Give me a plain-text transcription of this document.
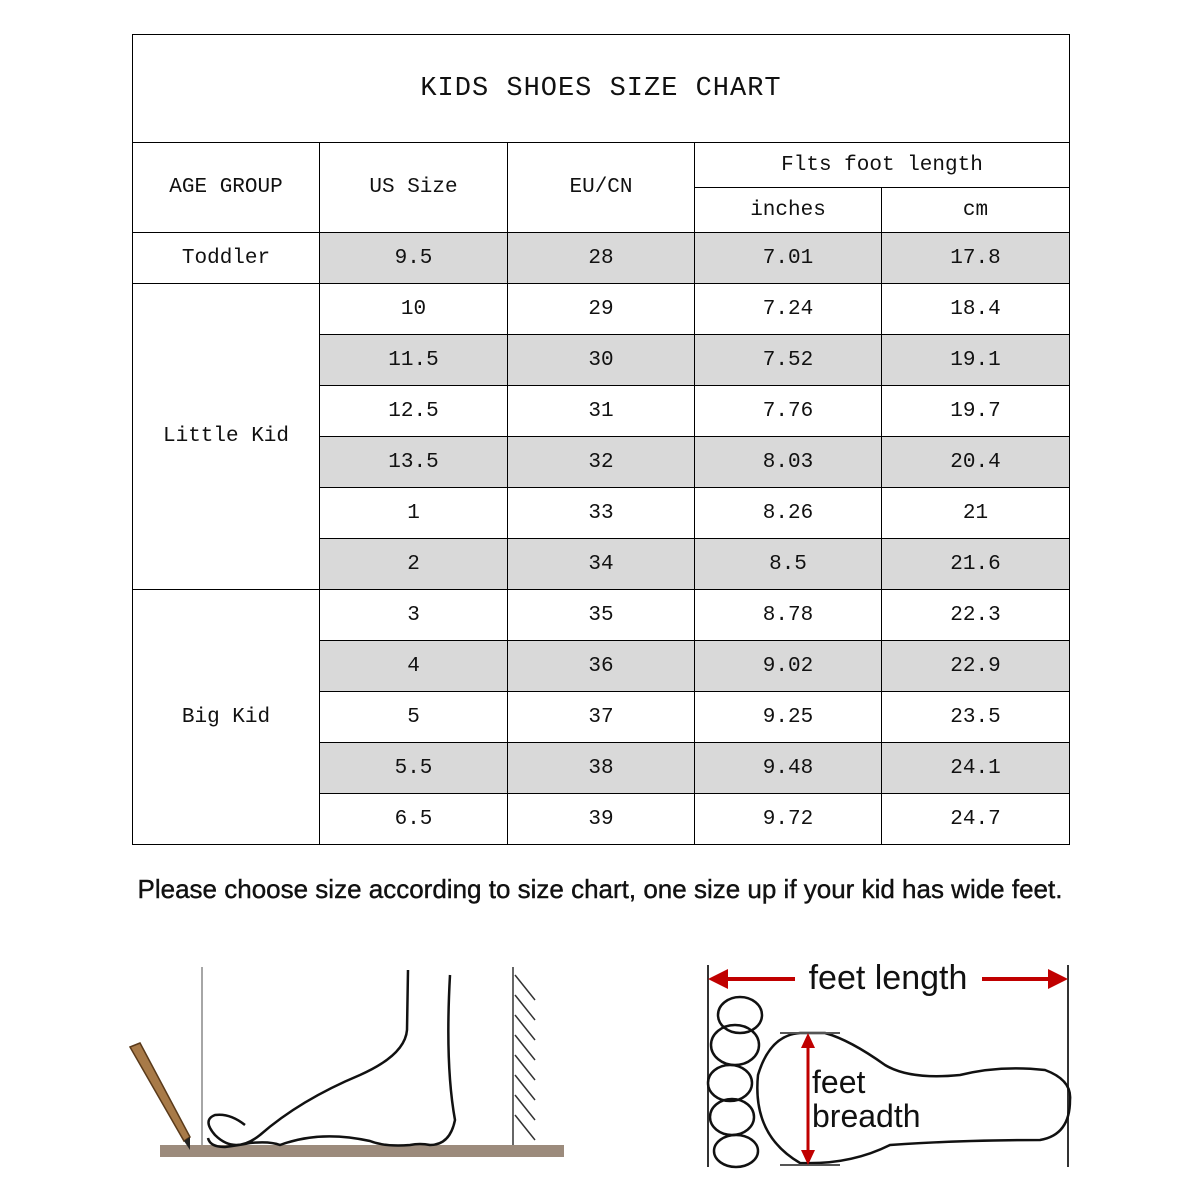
KIDS SHOES SIZE CHART				
AGE GROUP	US Size	EU/CN	Flts foot length	
			inches	cm
Toddler	9.5	28	7.01	17.8
Little Kid	10	29	7.24	18.4
	11.5	30	7.52	19.1
	12.5	31	7.76	19.7
	13.5	32	8.03	20.4
	1	33	8.26	21
	2	34	8.5	21.6
Big Kid	3	35	8.78	22.3
	4	36	9.02	22.9
	5	37	9.25	23.5
	5.5	38	9.48	24.1
	6.5	39	9.72	24.7
Please choose size according to size chart, one size up if your kid has wide feet.
feet length
feet
breadth
